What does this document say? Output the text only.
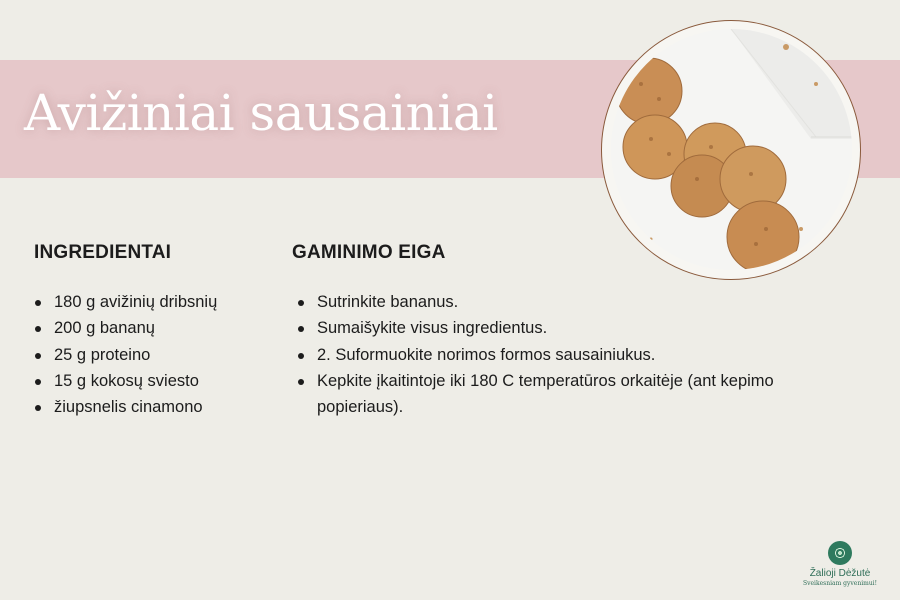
Avižiniai sausainiai
INGREDIENTAI
180 g avižinių dribsnių
200 g bananų
25 g proteino
15 g kokosų sviesto
žiupsnelis cinamono
GAMINIMO EIGA
Sutrinkite bananus.
Sumaišykite visus ingredientus.
2. Suformuokite norimos formos sausainiukus.
Kepkite įkaitintoje iki 180 C temperatūros orkaitėje (ant kepimo popieriaus).
Žalioji Dėžutė
Sveikesniam gyvenimui!
